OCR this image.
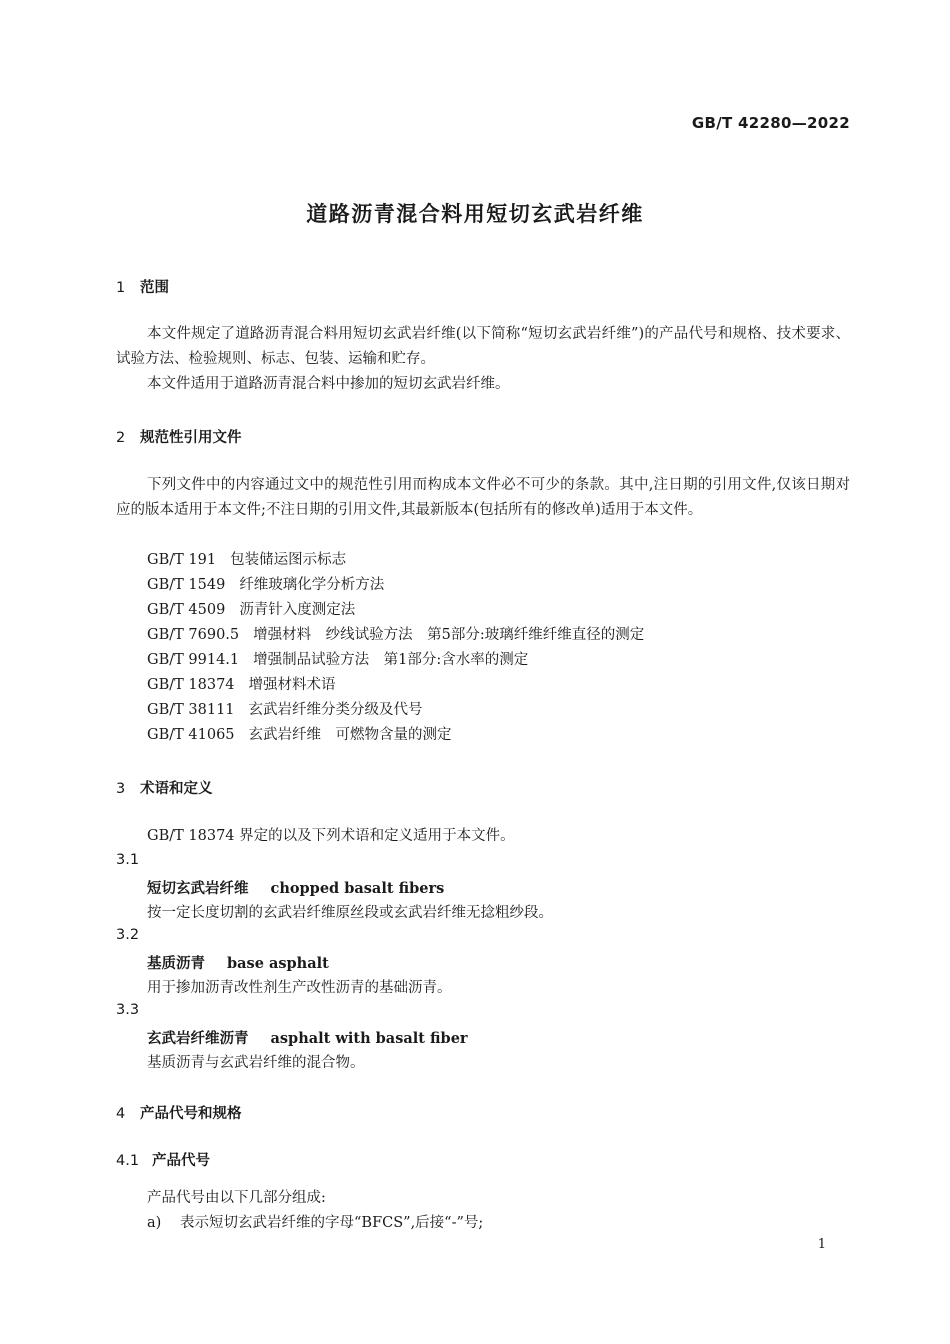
GB/T 42280—2022
道路沥青混合料用短切玄武岩纤维
1 范围
本文件规定了道路沥青混合料用短切玄武岩纤维(以下简称“短切玄武岩纤维”)的产品代号和规格、技术要求、试验方法、检验规则、标志、包装、运输和贮存。
本文件适用于道路沥青混合料中掺加的短切玄武岩纤维。
2 规范性引用文件
下列文件中的内容通过文中的规范性引用而构成本文件必不可少的条款。其中,注日期的引用文件,仅该日期对应的版本适用于本文件;不注日期的引用文件,其最新版本(包括所有的修改单)适用于本文件。
GB/T 191 包装储运图示标志
GB/T 1549 纤维玻璃化学分析方法
GB/T 4509 沥青针入度测定法
GB/T 7690.5 增强材料　纱线试验方法　第5部分:玻璃纤维纤维直径的测定
GB/T 9914.1 增强制品试验方法　第1部分:含水率的测定
GB/T 18374 增强材料术语
GB/T 38111 玄武岩纤维分类分级及代号
GB/T 41065 玄武岩纤维　可燃物含量的测定
3 术语和定义
GB/T 18374 界定的以及下列术语和定义适用于本文件。
3.1
短切玄武岩纤维 chopped basalt fibers
按一定长度切割的玄武岩纤维原丝段或玄武岩纤维无捻粗纱段。
3.2
基质沥青 base asphalt
用于掺加沥青改性剂生产改性沥青的基础沥青。
3.3
玄武岩纤维沥青 asphalt with basalt fiber
基质沥青与玄武岩纤维的混合物。
4 产品代号和规格
4.1 产品代号
产品代号由以下几部分组成:
a) 表示短切玄武岩纤维的字母“BFCS”,后接“-”号;
1
